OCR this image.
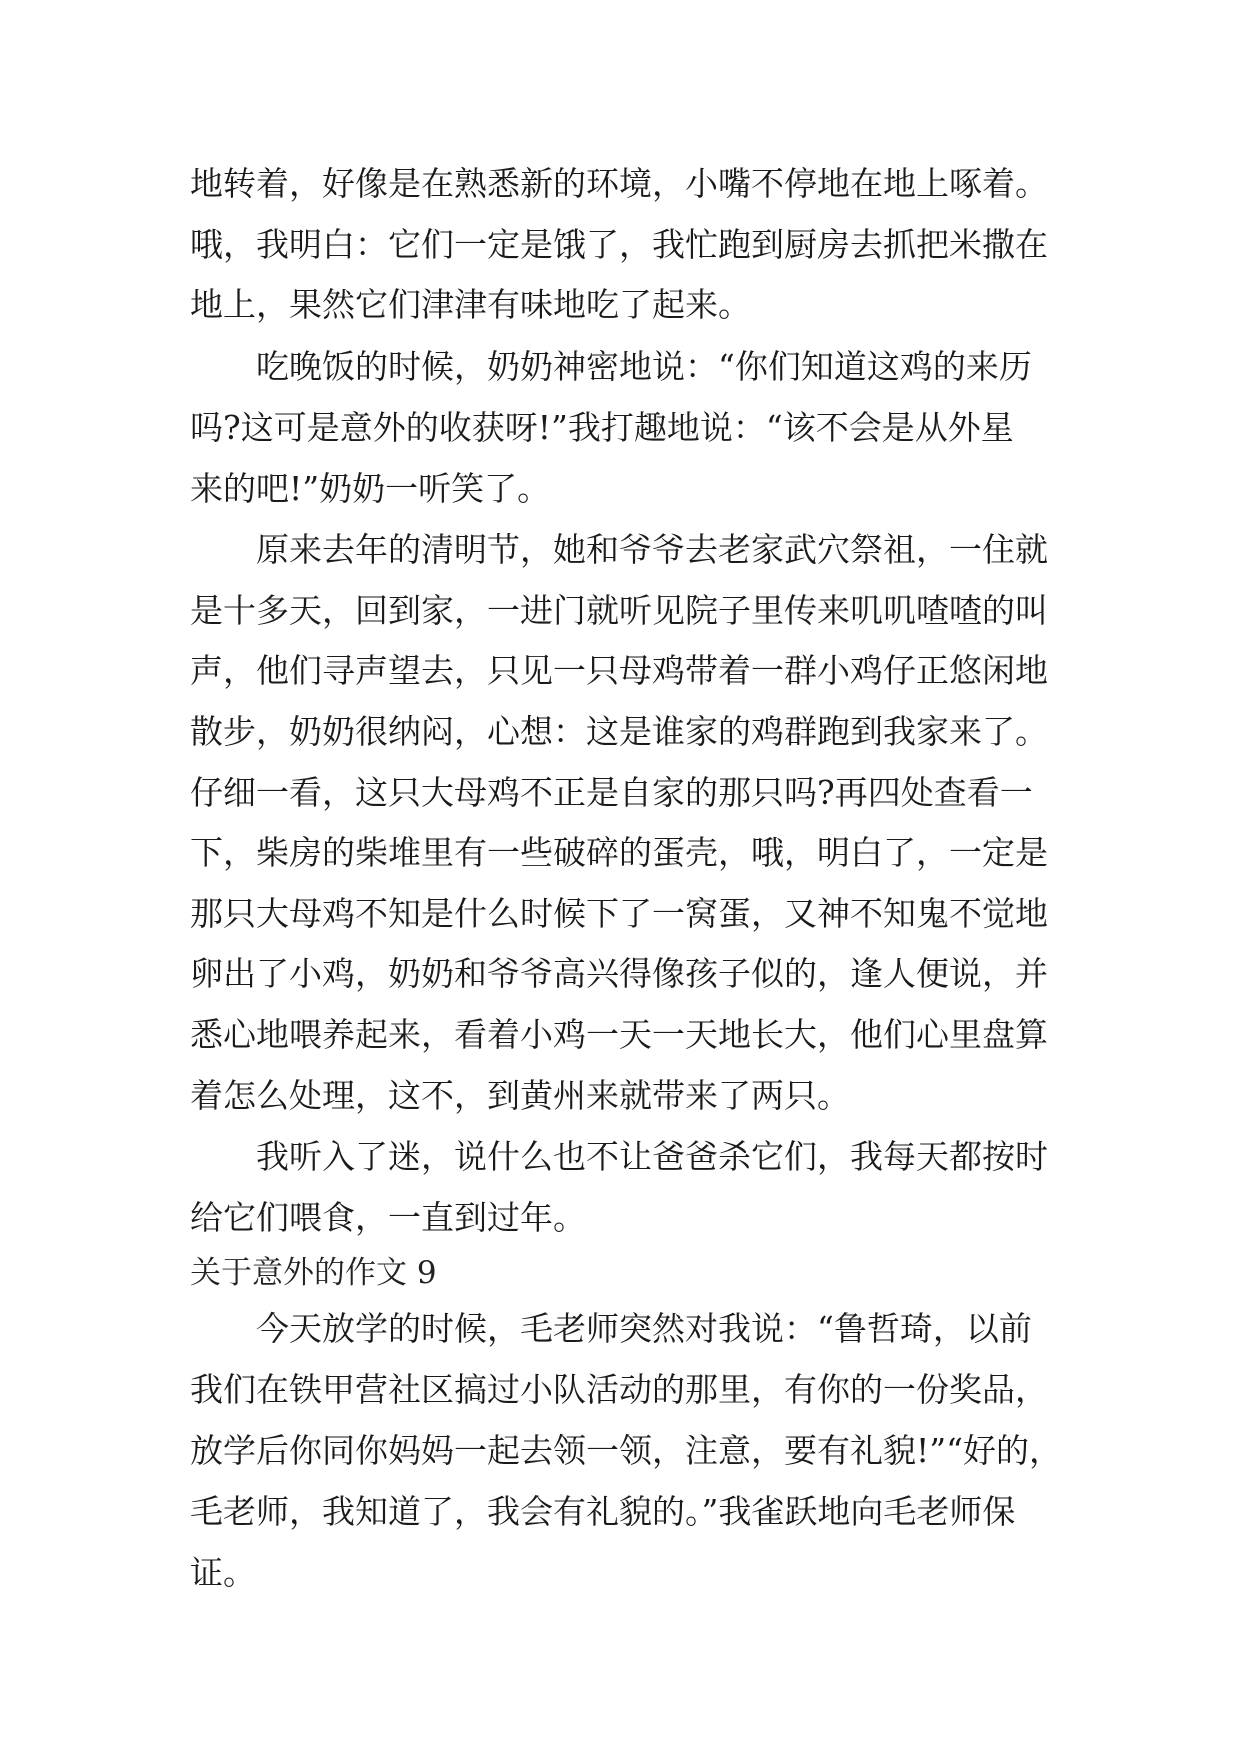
地转着，好像是在熟悉新的环境，小嘴不停地在地上啄着。
哦，我明白：它们一定是饿了，我忙跑到厨房去抓把米撒在
地上，果然它们津津有味地吃了起来。
吃晚饭的时候，奶奶神密地说：“你们知道这鸡的来历
吗?这可是意外的收获呀!”我打趣地说：“该不会是从外星
来的吧!”奶奶一听笑了。
原来去年的清明节，她和爷爷去老家武穴祭祖，一住就
是十多天，回到家，一进门就听见院子里传来叽叽喳喳的叫
声，他们寻声望去，只见一只母鸡带着一群小鸡仔正悠闲地
散步，奶奶很纳闷，心想：这是谁家的鸡群跑到我家来了。
仔细一看，这只大母鸡不正是自家的那只吗?再四处查看一
下，柴房的柴堆里有一些破碎的蛋壳，哦，明白了，一定是
那只大母鸡不知是什么时候下了一窝蛋，又神不知鬼不觉地
卵出了小鸡，奶奶和爷爷高兴得像孩子似的，逢人便说，并
悉心地喂养起来，看着小鸡一天一天地长大，他们心里盘算
着怎么处理，这不，到黄州来就带来了两只。
我听入了迷，说什么也不让爸爸杀它们，我每天都按时
给它们喂食，一直到过年。
关于意外的作文 9
今天放学的时候，毛老师突然对我说：“鲁哲琦，以前
我们在铁甲营社区搞过小队活动的那里，有你的一份奖品，
放学后你同你妈妈一起去领一领，注意，要有礼貌!”“好的，
毛老师，我知道了，我会有礼貌的。”我雀跃地向毛老师保
证。
